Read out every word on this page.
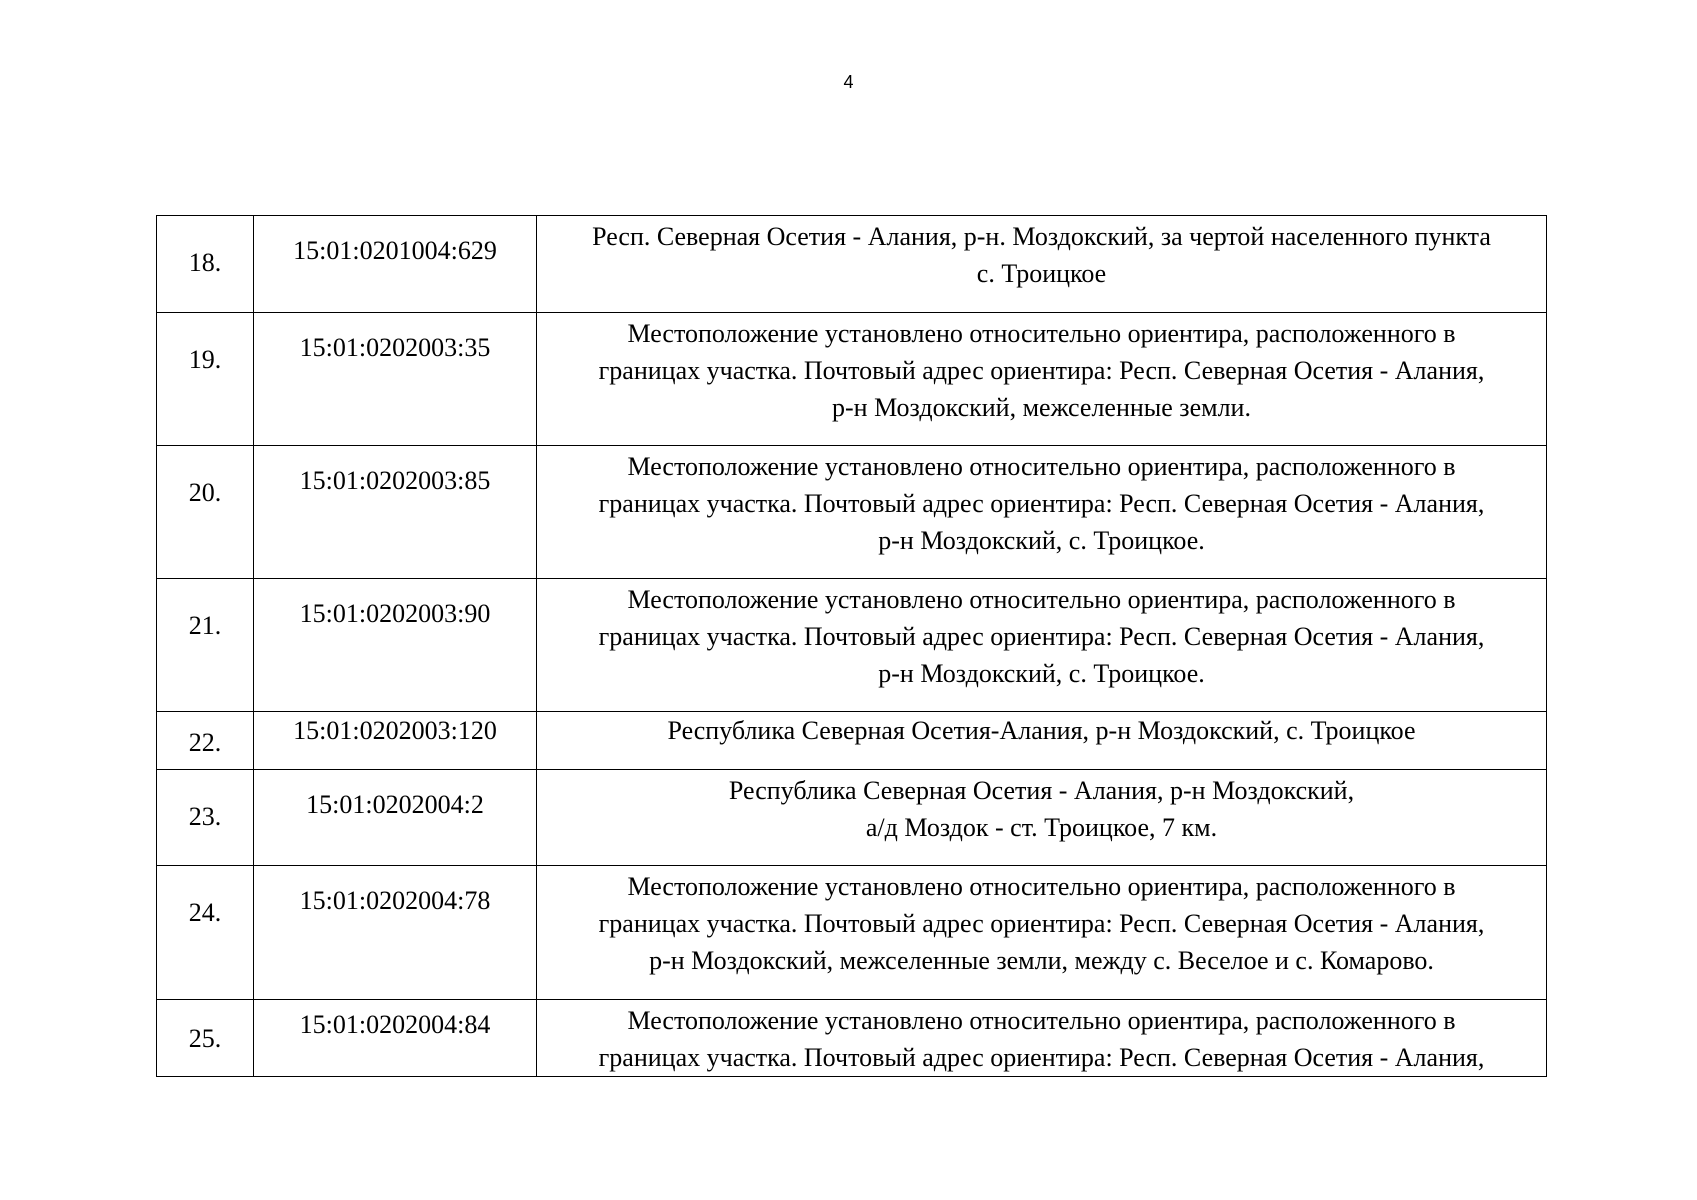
4
18.	15:01:0201004:629	Респ. Северная Осетия - Алания, р-н. Моздокский, за чертой населенного пункта
с. Троицкое

19.	15:01:0202003:35	Местоположение установлено относительно ориентира, расположенного в
границах участка. Почтовый адрес ориентира: Респ. Северная Осетия - Алания,
р-н Моздокский, межселенные земли.

20.	15:01:0202003:85	Местоположение установлено относительно ориентира, расположенного в
границах участка. Почтовый адрес ориентира: Респ. Северная Осетия - Алания,
р-н Моздокский, с. Троицкое.

21.	15:01:0202003:90	Местоположение установлено относительно ориентира, расположенного в
границах участка. Почтовый адрес ориентира: Респ. Северная Осетия - Алания,
р-н Моздокский, с. Троицкое.

22.	15:01:0202003:120	Республика Северная Осетия-Алания, р-н Моздокский, с. Троицкое

23.	15:01:0202004:2	Республика Северная Осетия - Алания, р-н Моздокский,
а/д Моздок - ст. Троицкое, 7 км.

24.	15:01:0202004:78	Местоположение установлено относительно ориентира, расположенного в
границах участка. Почтовый адрес ориентира: Респ. Северная Осетия - Алания,
р-н Моздокский, межселенные земли, между с. Веселое и с. Комарово.

25.	15:01:0202004:84	Местоположение установлено относительно ориентира, расположенного в
границах участка. Почтовый адрес ориентира: Респ. Северная Осетия - Алания,
